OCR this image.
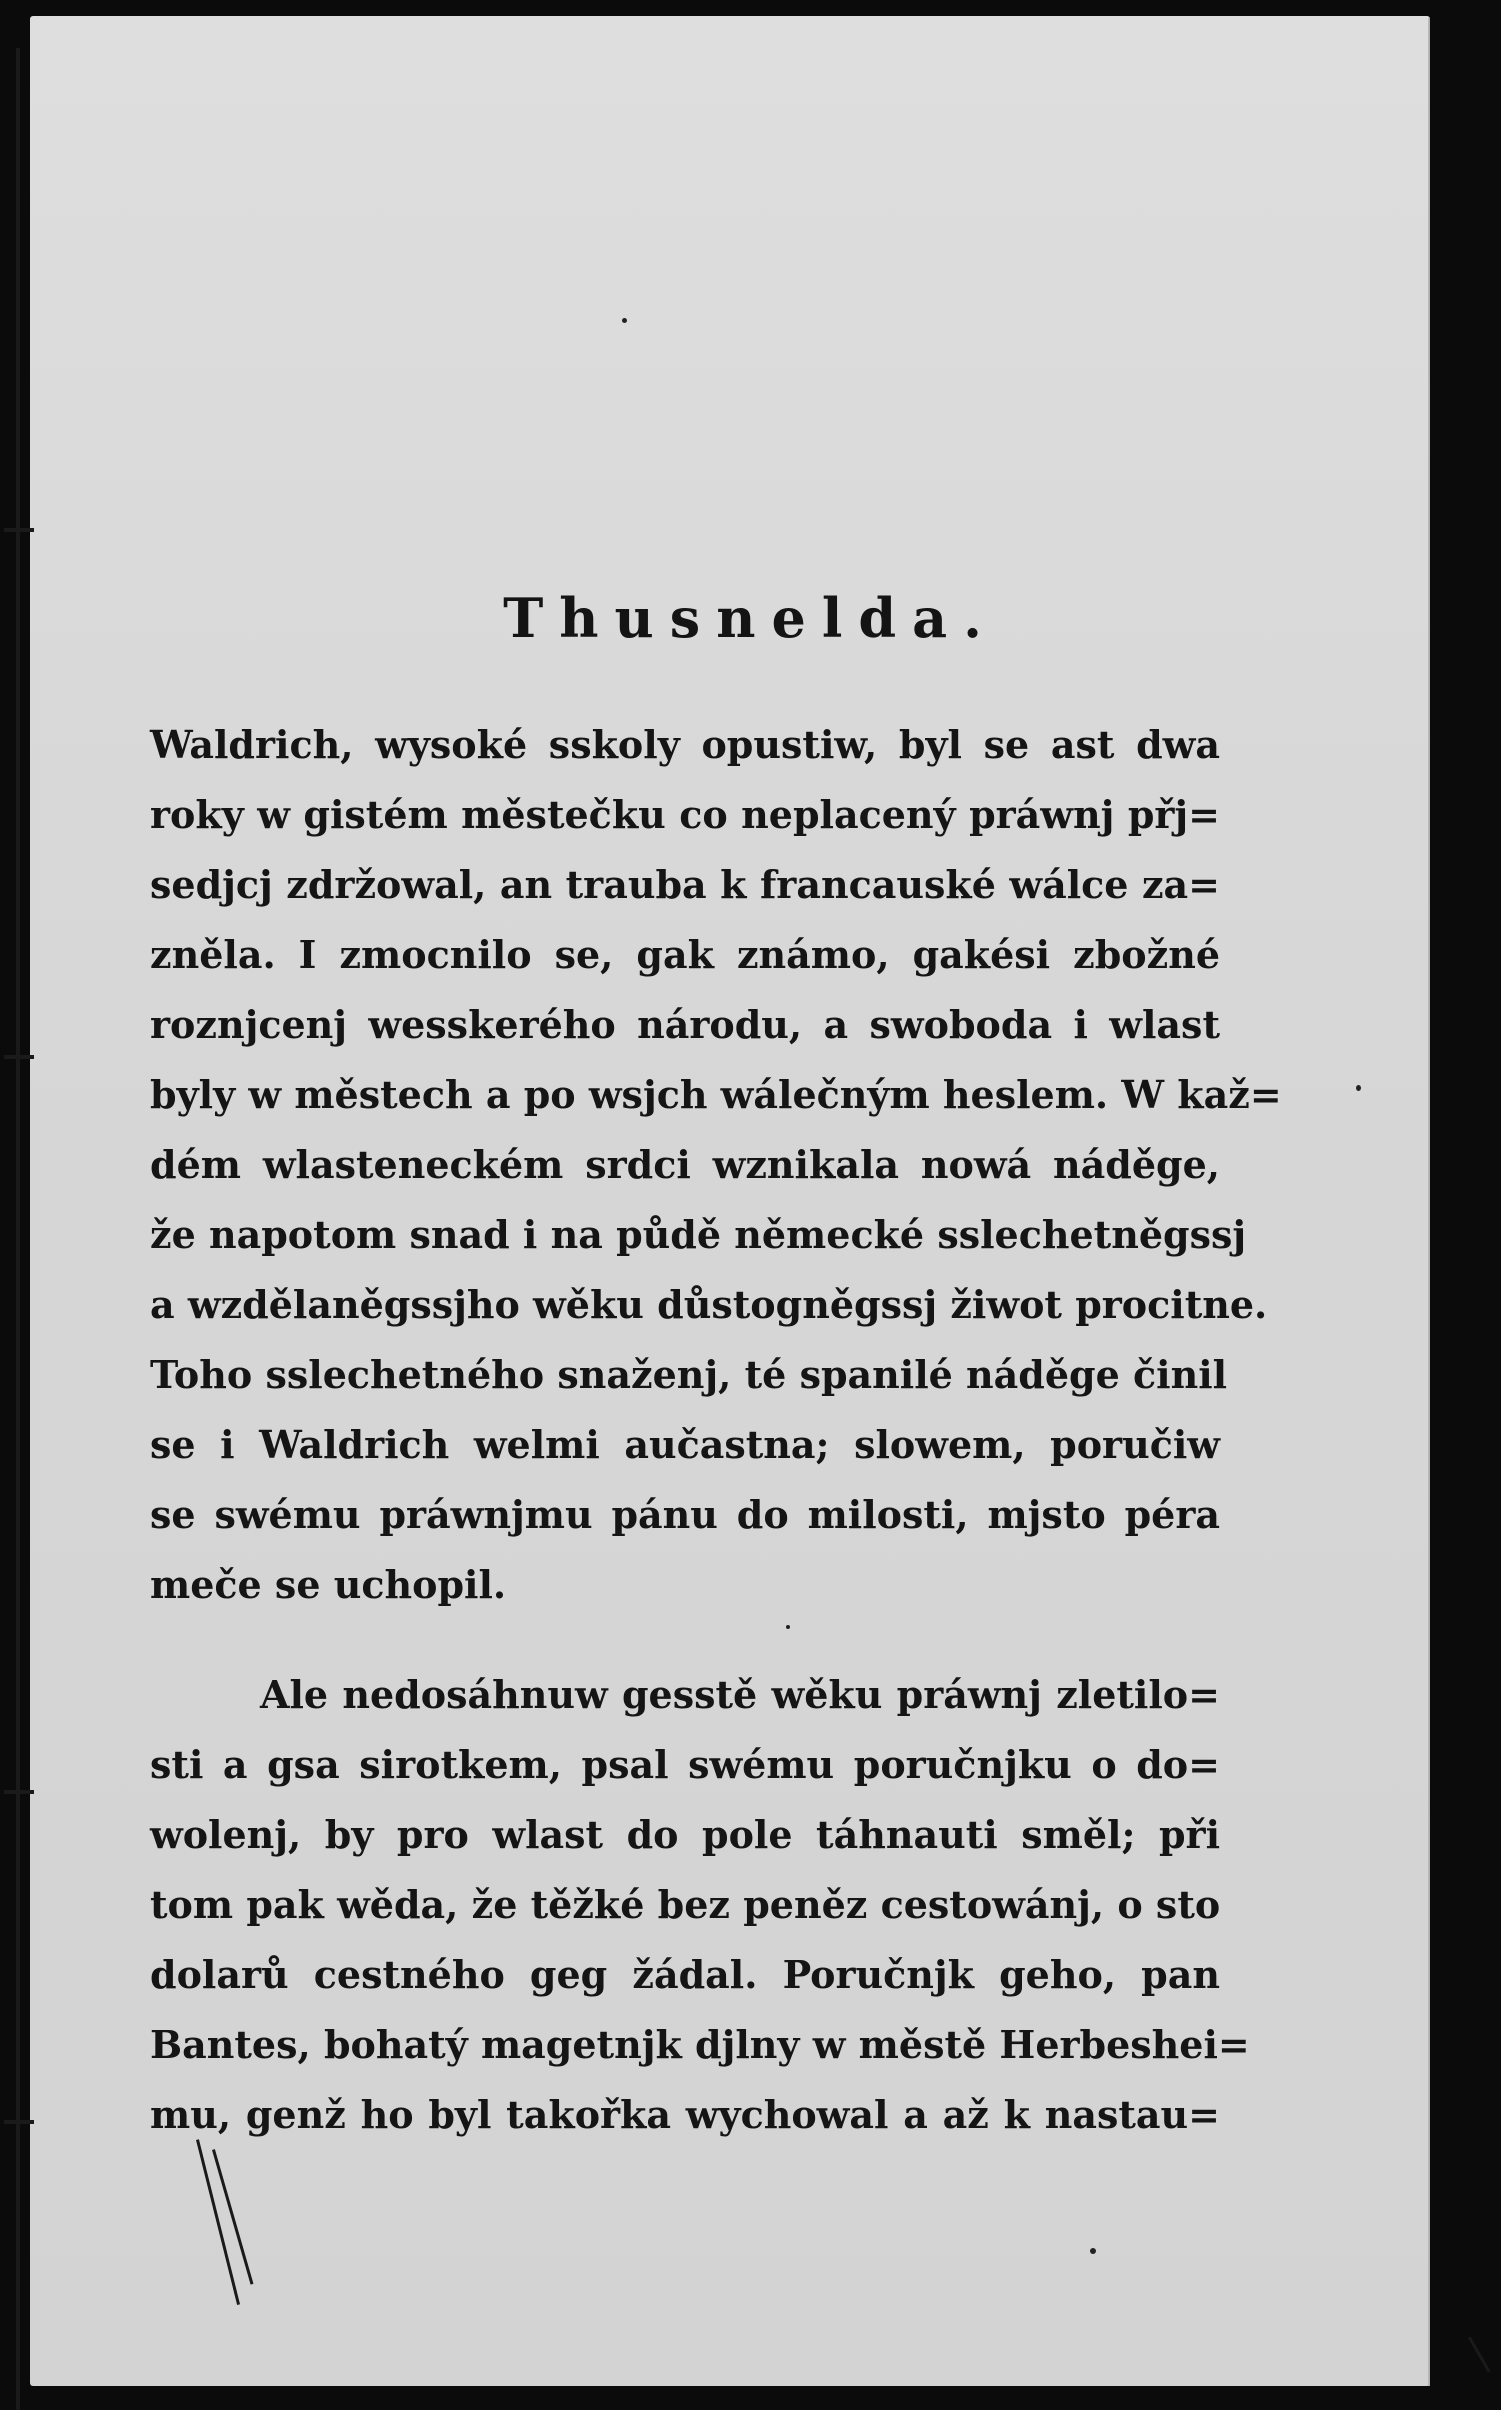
Thusnelda.
Waldrich, wysoké sskoly opustiw, byl se ast dwa
roky w gistém městečku co neplacený práwnj přj=
sedjcj zdržowal, an trauba k francauské wálce za=
zněla. I zmocnilo se, gak známo, gakési zbožné
roznjcenj wesskerého národu, a swoboda i wlast
byly w městech a po wsjch wálečným heslem. W kaž=
dém wlasteneckém srdci wznikala nowá náděge,
že napotom snad i na půdě německé sslechetněgssj
a wzdělaněgssjho wěku důstogněgssj žiwot procitne.
Toho sslechetného snaženj, té spanilé náděge činil
se i Waldrich welmi aučastna; slowem, poručiw
se swému práwnjmu pánu do milosti, mjsto péra
meče se uchopil.
Ale nedosáhnuw gesstě wěku práwnj zletilo=
sti a gsa sirotkem, psal swému poručnjku o do=
wolenj, by pro wlast do pole táhnauti směl; při
tom pak wěda, že těžké bez peněz cestowánj, o sto
dolarů cestného geg žádal. Poručnjk geho, pan
Bantes, bohatý magetnjk djlny w městě Herbeshei=
mu, genž ho byl takořka wychowal a až k nastau=
